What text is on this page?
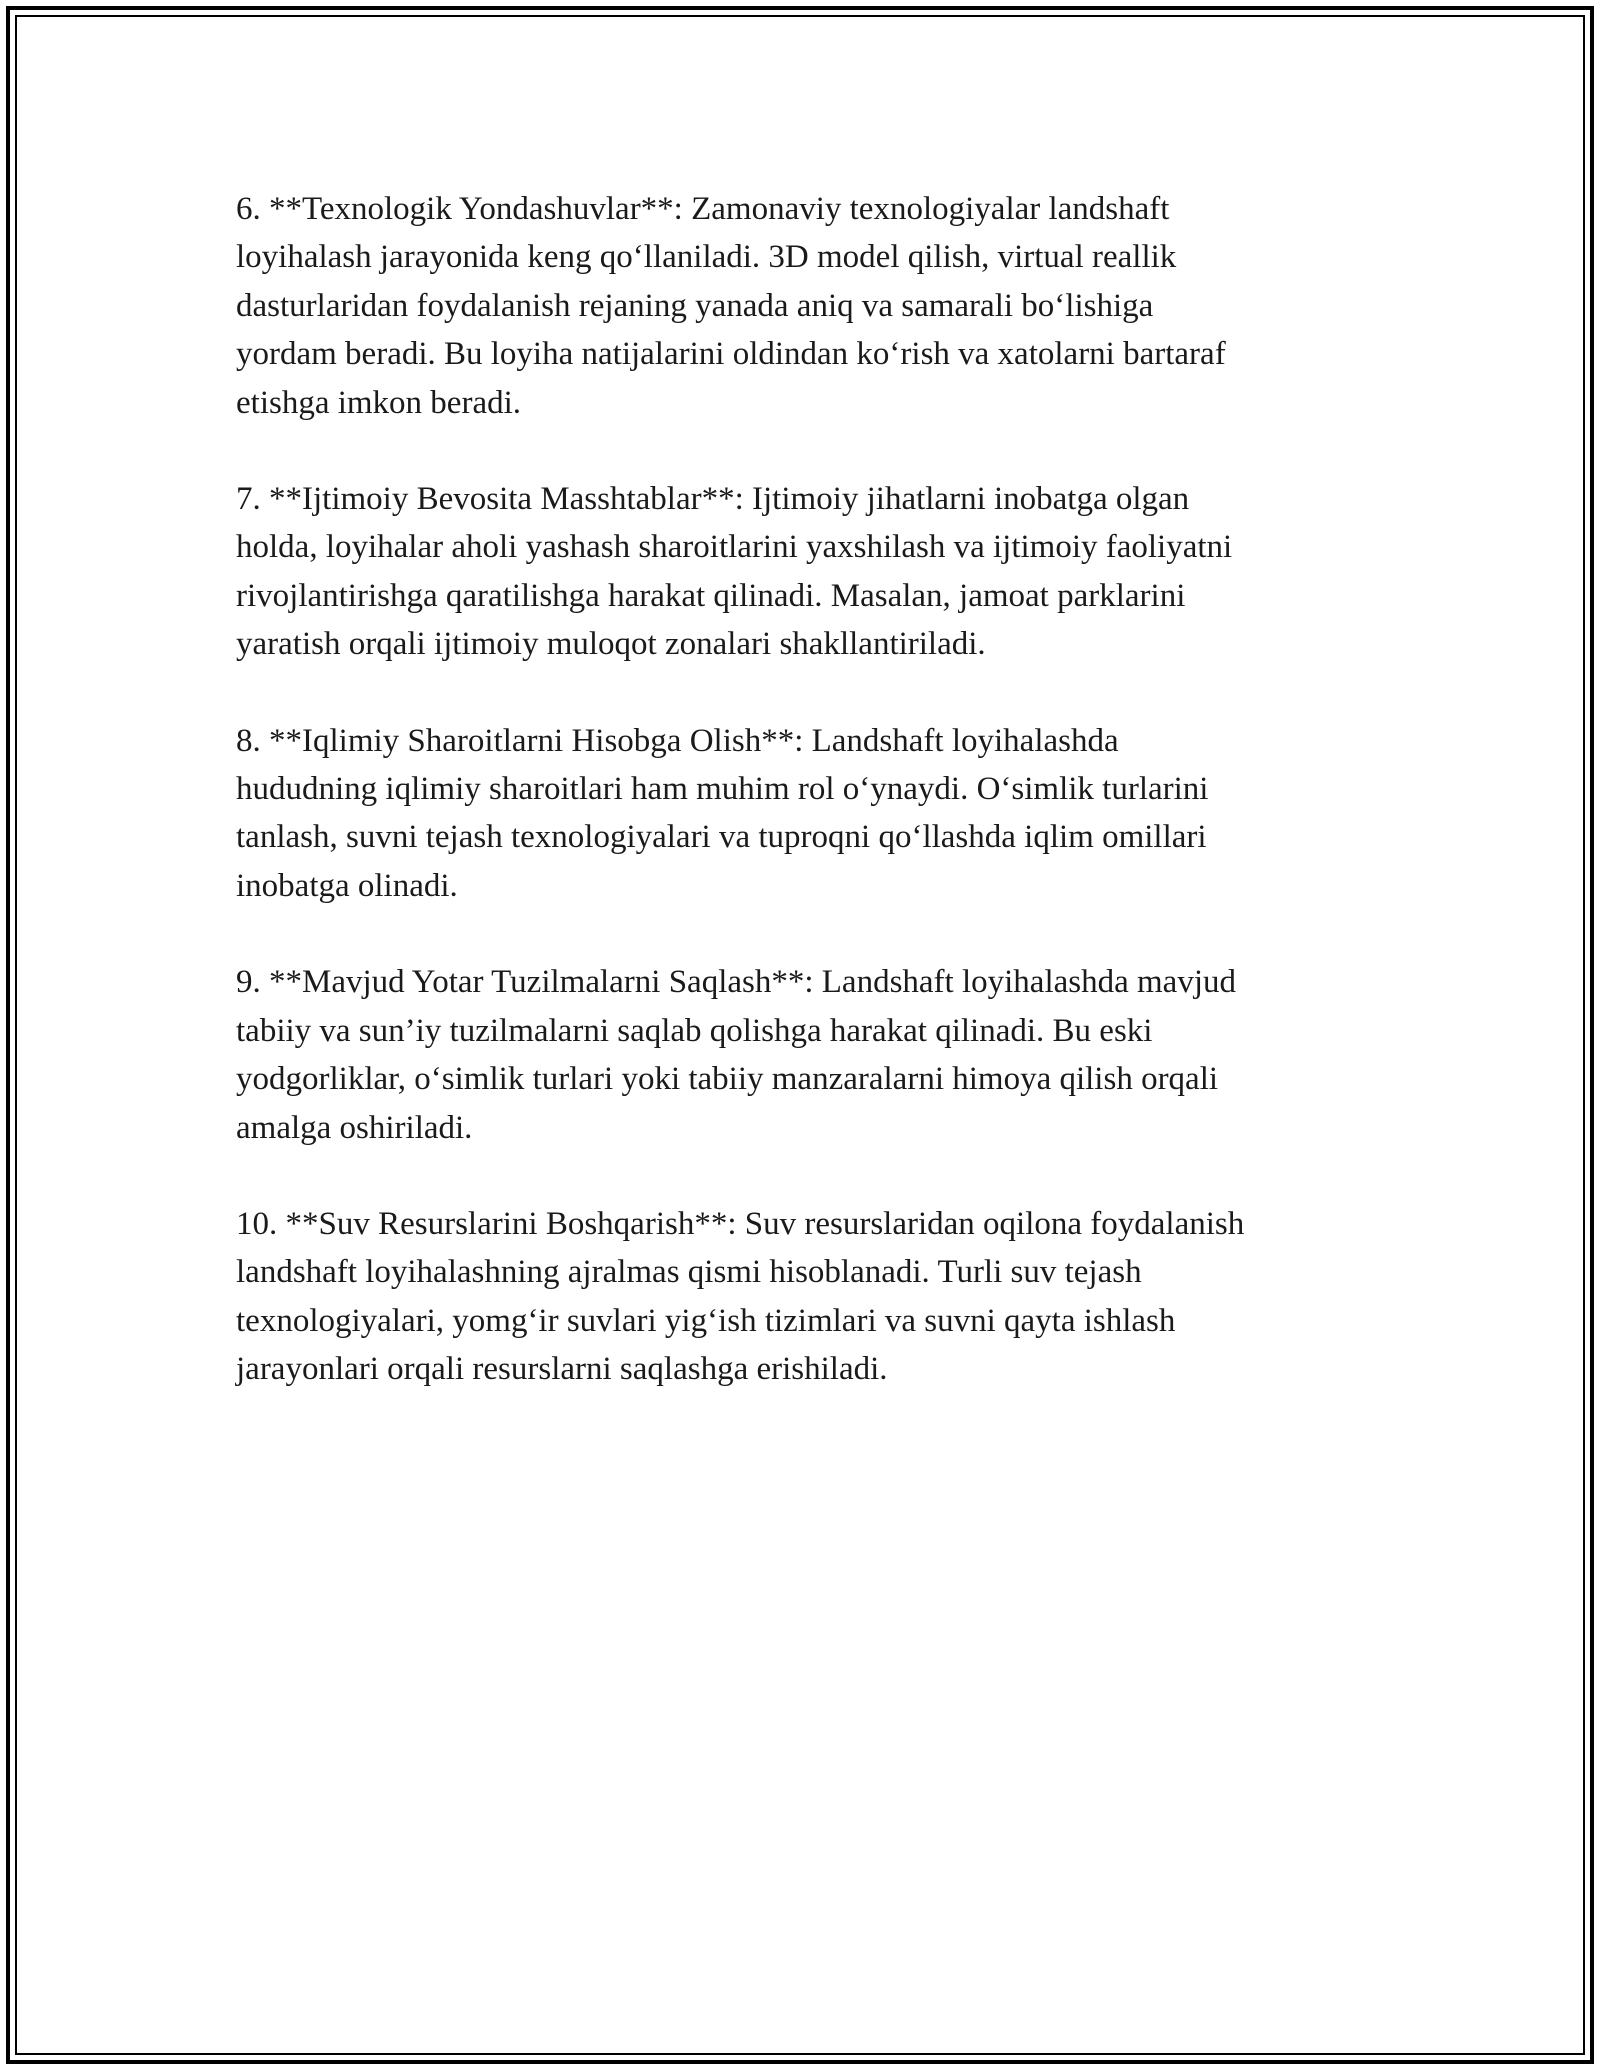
6. **Texnologik Yondashuvlar**: Zamonaviy texnologiyalar landshaft
loyihalash jarayonida keng qo‘llaniladi. 3D model qilish, virtual reallik
dasturlaridan foydalanish rejaning yanada aniq va samarali bo‘lishiga
yordam beradi. Bu loyiha natijalarini oldindan ko‘rish va xatolarni bartaraf
etishga imkon beradi.

7. **Ijtimoiy Bevosita Masshtablar**: Ijtimoiy jihatlarni inobatga olgan
holda, loyihalar aholi yashash sharoitlarini yaxshilash va ijtimoiy faoliyatni
rivojlantirishga qaratilishga harakat qilinadi. Masalan, jamoat parklarini
yaratish orqali ijtimoiy muloqot zonalari shakllantiriladi.

8. **Iqlimiy Sharoitlarni Hisobga Olish**: Landshaft loyihalashda
hududning iqlimiy sharoitlari ham muhim rol o‘ynaydi. O‘simlik turlarini
tanlash, suvni tejash texnologiyalari va tuproqni qo‘llashda iqlim omillari
inobatga olinadi.

9. **Mavjud Yotar Tuzilmalarni Saqlash**: Landshaft loyihalashda mavjud
tabiiy va sun’iy tuzilmalarni saqlab qolishga harakat qilinadi. Bu eski
yodgorliklar, o‘simlik turlari yoki tabiiy manzaralarni himoya qilish orqali
amalga oshiriladi.

10. **Suv Resurslarini Boshqarish**: Suv resurslaridan oqilona foydalanish
landshaft loyihalashning ajralmas qismi hisoblanadi. Turli suv tejash
texnologiyalari, yomg‘ir suvlari yig‘ish tizimlari va suvni qayta ishlash
jarayonlari orqali resurslarni saqlashga erishiladi.
